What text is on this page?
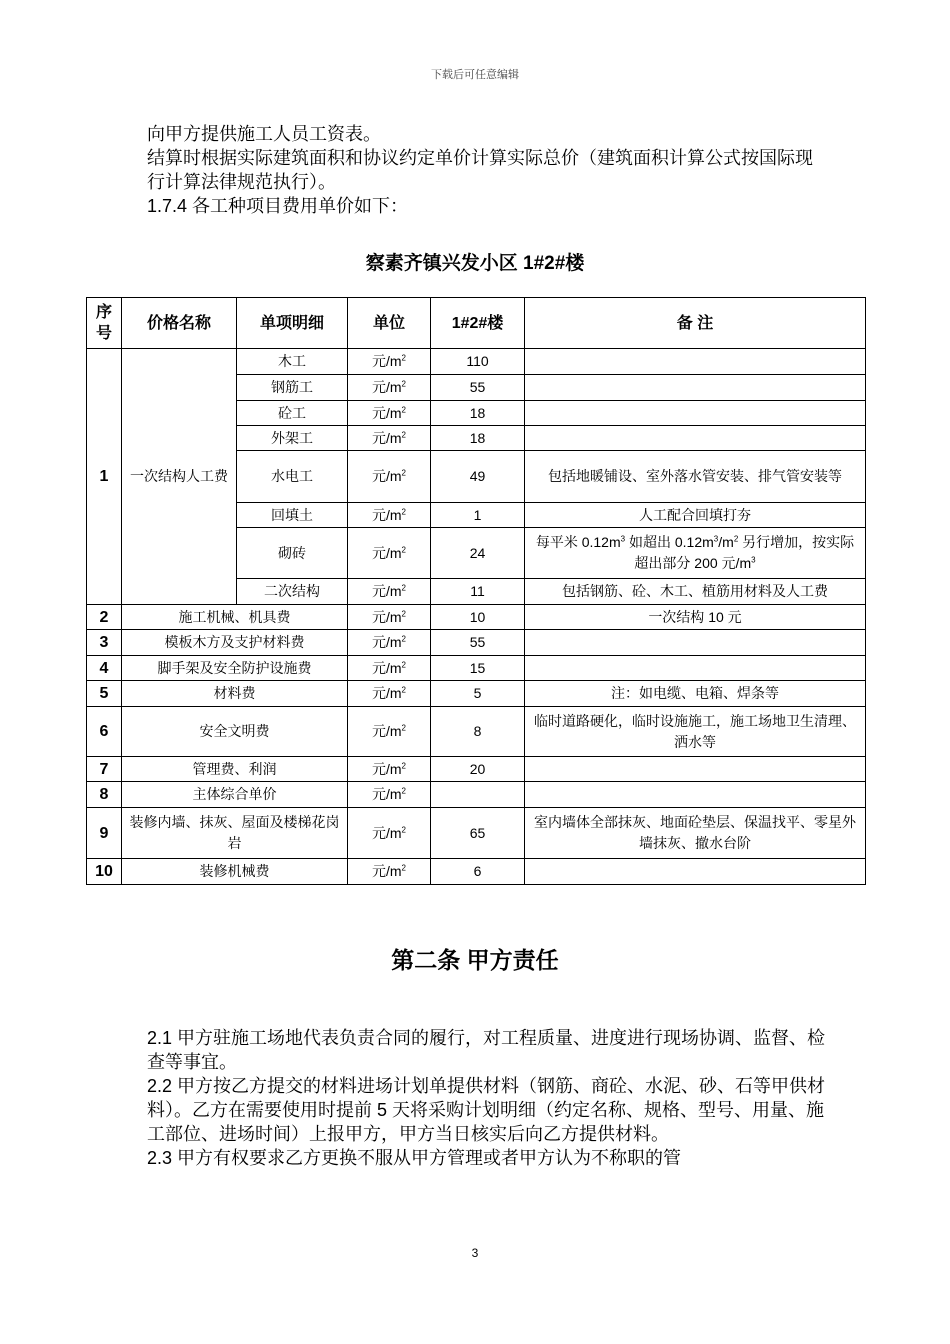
下载后可任意编辑

向甲方提供施工人员工资表。

结算时根据实际建筑面积和协议约定单价计算实际总价（建筑面积计算公式按国际现行计算法律规范执行）。

1.7.4 各工种项目费用单价如下：

察素齐镇兴发小区 1#2#楼
序号	价格名称	单项明细	单位	1#2#楼	备 注
1	一次结构人工费	木工	元$/m^2$	110	
		钢筋工	元$/m^2$	55	
		砼工	元$/m^2$	18	
		外架工	元$/m^2$	18	
		水电工	元$/m^2$	49	包括地暖铺设、室外落水管安装、排气管安装等
		回填土	元$/m^2$	1	人工配合回填打夯
		砌砖	元$/m^2$	24	每平米 $0.12m^3$ 如超出 $0.12m^3/m^2$ 另行增加，按实际超出部分 200 元$/m^3$
		二次结构	元$/m^2$	11	包括钢筋、砼、木工、植筋用材料及人工费
2	施工机械、机具费		元$/m^2$	10	一次结构 10 元
3	模板木方及支护材料费		元$/m^2$	55	
4	脚手架及安全防护设施费		元$/m^2$	15	
5	材料费		元$/m^2$	5	注：如电缆、电箱、焊条等
6	安全文明费		元$/m^2$	8	临时道路硬化，临时设施施工，施工场地卫生清理、洒水等
7	管理费、利润		元$/m^2$	20	
8	主体综合单价		元$/m^2$		
9	装修内墙、抹灰、屋面及楼梯花岗岩		元$/m^2$	65	室内墙体全部抹灰、地面砼垫层、保温找平、零星外墙抹灰、撤水台阶
10	装修机械费		元$/m^2$	6	
第二条 甲方责任

2.1 甲方驻施工场地代表负责合同的履行，对工程质量、进度进行现场协调、监督、检查等事宜。

2.2 甲方按乙方提交的材料进场计划单提供材料（钢筋、商砼、水泥、砂、石等甲供材料）。乙方在需要使用时提前 5 天将采购计划明细（约定名称、规格、型号、用量、施工部位、进场时间）上报甲方，甲方当日核实后向乙方提供材料。

2.3 甲方有权要求乙方更换不服从甲方管理或者甲方认为不称职的管

3
